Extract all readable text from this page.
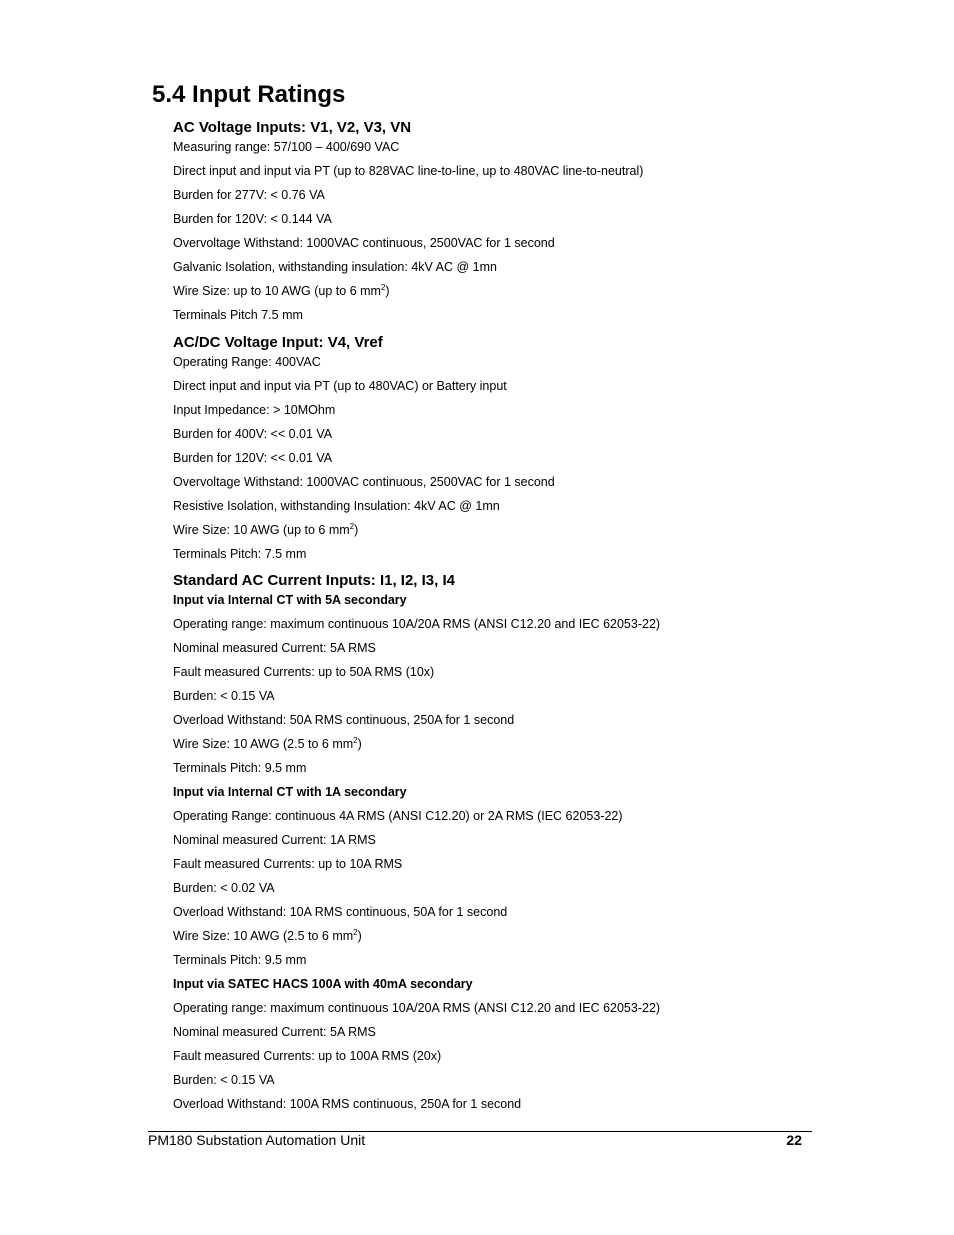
5.4 Input Ratings
AC Voltage Inputs: V1, V2, V3, VN
Measuring range: 57/100 – 400/690 VAC
Direct input and input via PT (up to 828VAC line-to-line, up to 480VAC line-to-neutral)
Burden for 277V: < 0.76 VA
Burden for 120V: < 0.144 VA
Overvoltage Withstand: 1000VAC continuous, 2500VAC for 1 second
Galvanic Isolation, withstanding insulation: 4kV AC @ 1mn
Wire Size: up to 10 AWG (up to 6 $mm^2$)
Terminals Pitch 7.5 mm
AC/DC Voltage Input: V4, Vref
Operating Range: 400VAC
Direct input and input via PT (up to 480VAC) or Battery input
Input Impedance: > 10MOhm
Burden for 400V: << 0.01 VA
Burden for 120V: << 0.01 VA
Overvoltage Withstand: 1000VAC continuous, 2500VAC for 1 second
Resistive Isolation, withstanding Insulation: 4kV AC @ 1mn
Wire Size: 10 AWG (up to 6 $mm^2$)
Terminals Pitch: 7.5 mm
Standard AC Current Inputs: I1, I2, I3, I4
Input via Internal CT with 5A secondary
Operating range: maximum continuous 10A/20A RMS (ANSI C12.20 and IEC 62053-22)
Nominal measured Current: 5A RMS
Fault measured Currents: up to 50A RMS (10x)
Burden: < 0.15 VA
Overload Withstand: 50A RMS continuous, 250A for 1 second
Wire Size: 10 AWG (2.5 to 6 $mm^2$)
Terminals Pitch: 9.5 mm
Input via Internal CT with 1A secondary
Operating Range: continuous 4A RMS (ANSI C12.20) or 2A RMS (IEC 62053-22)
Nominal measured Current: 1A RMS
Fault measured Currents: up to 10A RMS
Burden: < 0.02 VA
Overload Withstand: 10A RMS continuous, 50A for 1 second
Wire Size: 10 AWG (2.5 to 6 $mm^2$)
Terminals Pitch: 9.5 mm
Input via SATEC HACS 100A with 40mA secondary
Operating range: maximum continuous 10A/20A RMS (ANSI C12.20 and IEC 62053-22)
Nominal measured Current: 5A RMS
Fault measured Currents: up to 100A RMS (20x)
Burden: < 0.15 VA
Overload Withstand: 100A RMS continuous, 250A for 1 second
PM180 Substation Automation Unit	22
